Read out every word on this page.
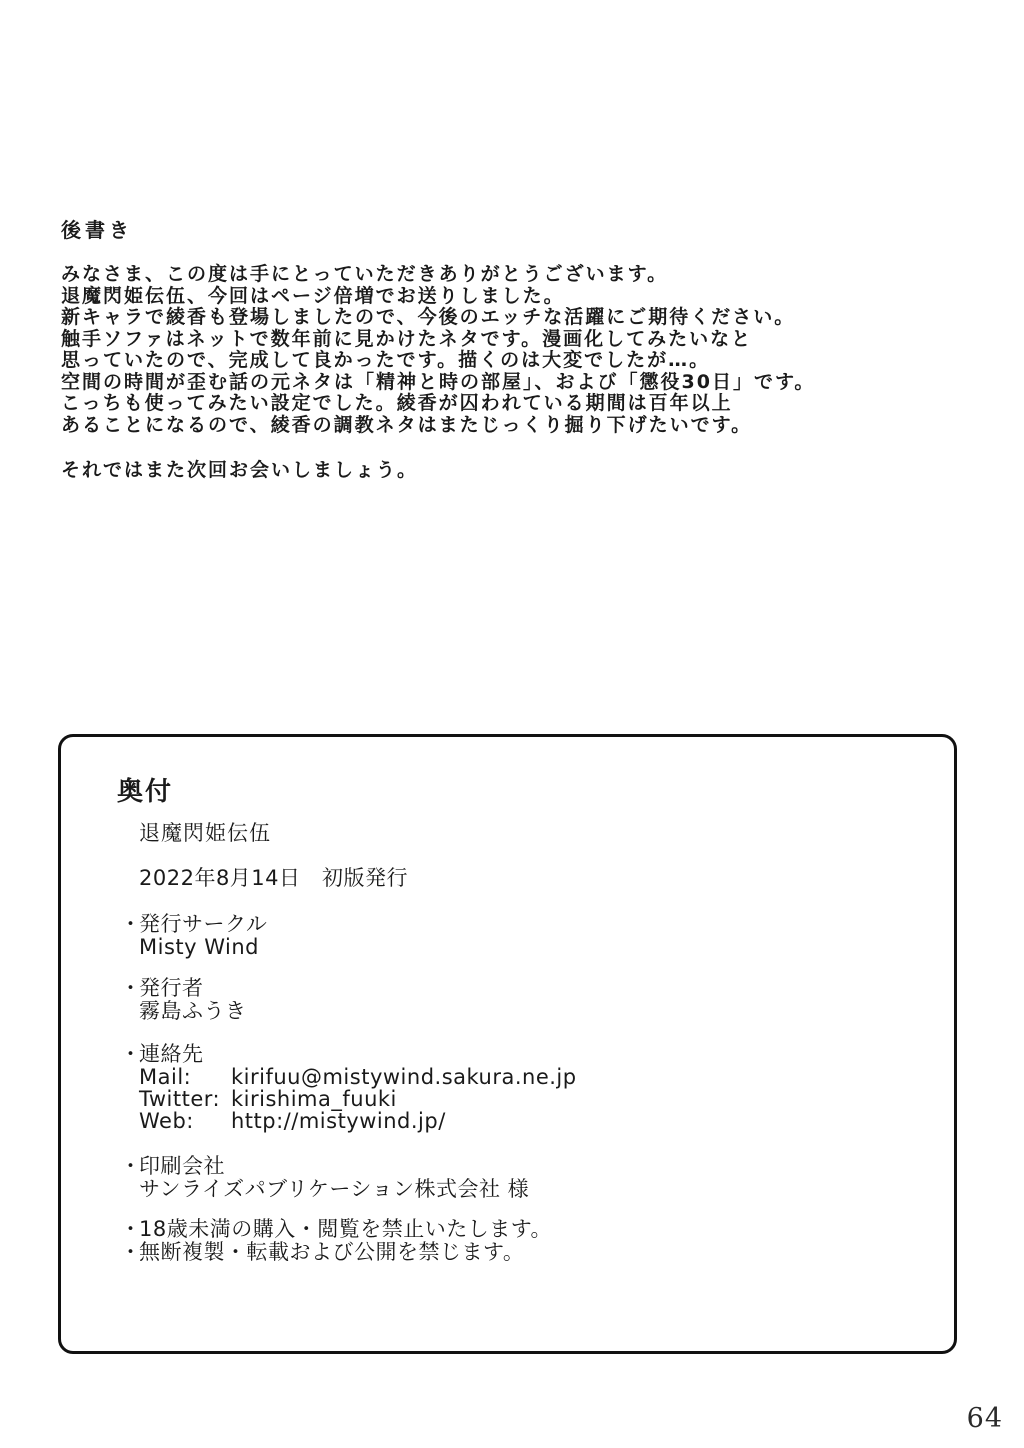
後書き
みなさま、この度は手にとっていただきありがとうございます。
退魔閃姫伝伍、今回はページ倍増でお送りしました。
新キャラで綾香も登場しましたので、今後のエッチな活躍にご期待ください。
触手ソファはネットで数年前に見かけたネタです。漫画化してみたいなと
思っていたので、完成して良かったです。描くのは大変でしたが…。
空間の時間が歪む話の元ネタは「精神と時の部屋」、および「懲役30日」です。
こっちも使ってみたい設定でした。綾香が囚われている期間は百年以上
あることになるので、綾香の調教ネタはまたじっくり掘り下げたいです。
それではまた次回お会いしましょう。
奥付
退魔閃姫伝伍
2022年8月14日　初版発行
・
発行サークル
Misty Wind
・
発行者
霧島ふうき
・
連絡先
Mail: kirifuu@mistywind.sakura.ne.jp
Twitter: kirishima_fuuki
Web: http://mistywind.jp/
・
印刷会社
サンライズパブリケーション株式会社 様
・
18歳未満の購入・閲覧を禁止いたします。
・
無断複製・転載および公開を禁じます。
64
